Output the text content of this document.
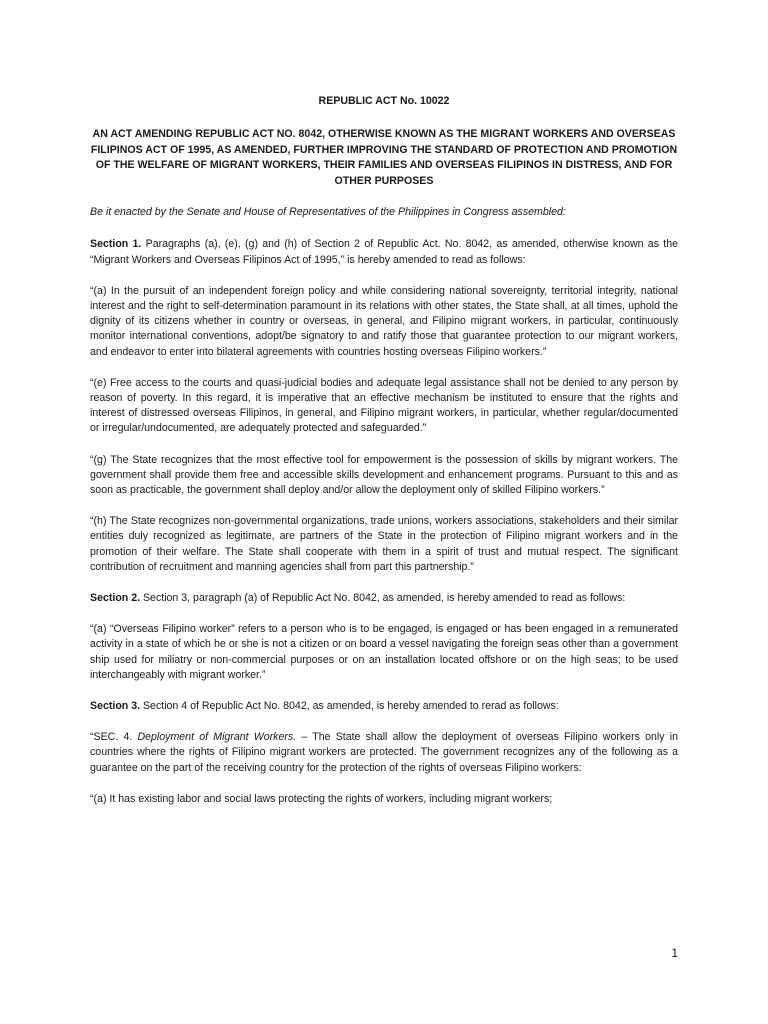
REPUBLIC ACT No. 10022
AN ACT AMENDING REPUBLIC ACT NO. 8042, OTHERWISE KNOWN AS THE MIGRANT WORKERS AND OVERSEAS FILIPINOS ACT OF 1995, AS AMENDED, FURTHER IMPROVING THE STANDARD OF PROTECTION AND PROMOTION OF THE WELFARE OF MIGRANT WORKERS, THEIR FAMILIES AND OVERSEAS FILIPINOS IN DISTRESS, AND FOR OTHER PURPOSES

Be it enacted by the Senate and House of Representatives of the Philippines in Congress assembled:

Section 1. Paragraphs (a), (e), (g) and (h) of Section 2 of Republic Act. No. 8042, as amended, otherwise known as the “Migrant Workers and Overseas Filipinos Act of 1995,” is hereby amended to read as follows:

“(a) In the pursuit of an independent foreign policy and while considering national sovereignty, territorial integrity, national interest and the right to self-determination paramount in its relations with other states, the State shall, at all times, uphold the dignity of its citizens whether in country or overseas, in general, and Filipino migrant workers, in particular, continuously monitor international conventions, adopt/be signatory to and ratify those that guarantee protection to our migrant workers, and endeavor to enter into bilateral agreements with countries hosting overseas Filipino workers.”

“(e) Free access to the courts and quasi-judicial bodies and adequate legal assistance shall not be denied to any person by reason of poverty. In this regard, it is imperative that an effective mechanism be instituted to ensure that the rights and interest of distressed overseas Filipinos, in general, and Filipino migrant workers, in particular, whether regular/documented or irregular/undocumented, are adequately protected and safeguarded.”

“(g) The State recognizes that the most effective tool for empowerment is the possession of skills by migrant workers. The government shall provide them free and accessible skills development and enhancement programs. Pursuant to this and as soon as practicable, the government shall deploy and/or allow the deployment only of skilled Filipino workers.”

“(h) The State recognizes non-governmental organizations, trade unions, workers associations, stakeholders and their similar entities duly recognized as legitimate, are partners of the State in the protection of Filipino migrant workers and in the promotion of their welfare. The State shall cooperate with them in a spirit of trust and mutual respect. The significant contribution of recruitment and manning agencies shall from part this partnership.”

Section 2. Section 3, paragraph (a) of Republic Act No. 8042, as amended, is hereby amended to read as follows:

“(a) “Overseas Filipino worker” refers to a person who is to be engaged, is engaged or has been engaged in a remunerated activity in a state of which he or she is not a citizen or on board a vessel navigating the foreign seas other than a government ship used for miliatry or non-commercial purposes or on an installation located offshore or on the high seas; to be used interchangeably with migrant worker.”

Section 3. Section 4 of Republic Act No. 8042, as amended, is hereby amended to rerad as follows:

“SEC. 4. Deployment of Migrant Workers. – The State shall allow the deployment of overseas Filipino workers only in countries where the rights of Filipino migrant workers are protected. The government recognizes any of the following as a guarantee on the part of the receiving country for the protection of the rights of overseas Filipino workers:

“(a) It has existing labor and social laws protecting the rights of workers, including migrant workers;

1
